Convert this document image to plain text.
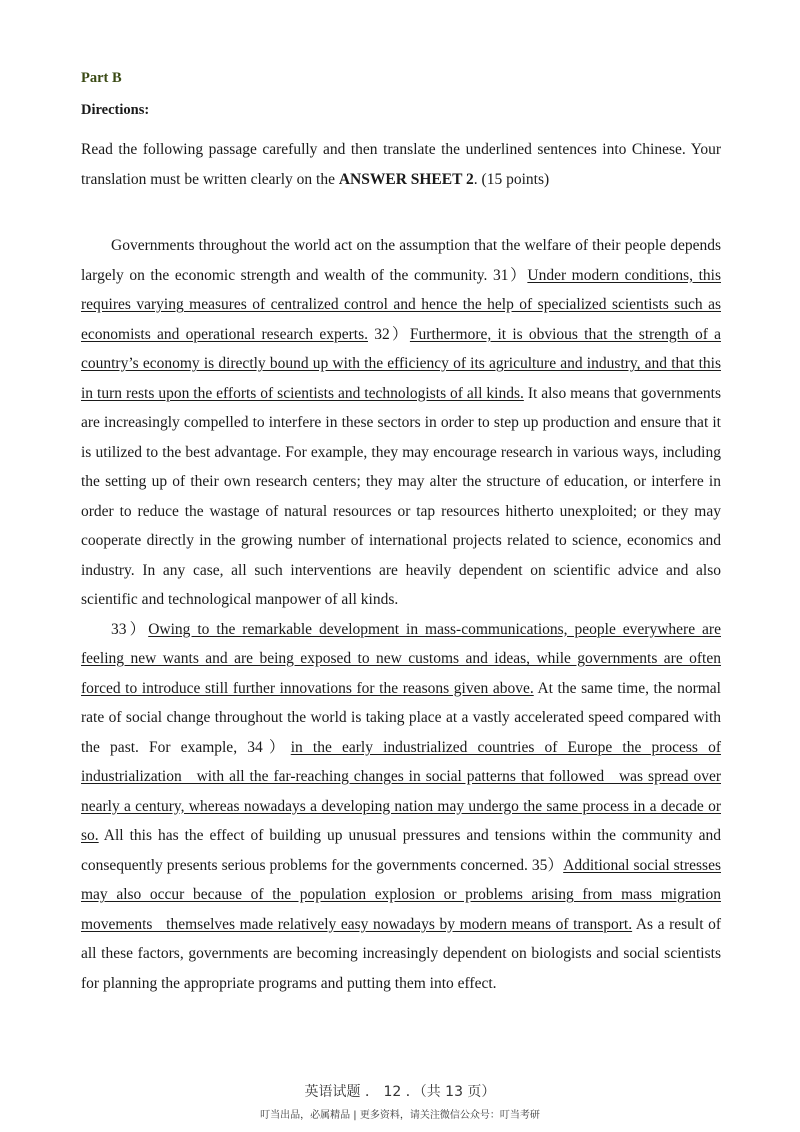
Part B
Directions:
Read the following passage carefully and then translate the underlined sentences into Chinese. Your translation must be written clearly on the ANSWER SHEET 2. (15 points)

Governments throughout the world act on the assumption that the welfare of their people depends largely on the economic strength and wealth of the community. 31）Under modern conditions, this requires varying measures of centralized control and hence the help of specialized scientists such as economists and operational research experts. 32）Furthermore, it is obvious that the strength of a country’s economy is directly bound up with the efficiency of its agriculture and industry, and that this in turn rests upon the efforts of scientists and technologists of all kinds. It also means that governments are increasingly compelled to interfere in these sectors in order to step up production and ensure that it is utilized to the best advantage. For example, they may encourage research in various ways, including the setting up of their own research centers; they may alter the structure of education, or interfere in order to reduce the wastage of natural resources or tap resources hitherto unexploited; or they may cooperate directly in the growing number of international projects related to science, economics and industry. In any case, all such interventions are heavily dependent on scientific advice and also scientific and technological manpower of all kinds.

33）Owing to the remarkable development in mass-communications, people everywhere are feeling new wants and are being exposed to new customs and ideas, while governments are often forced to introduce still further innovations for the reasons given above. At the same time, the normal rate of social change throughout the world is taking place at a vastly accelerated speed compared with the past. For example, 34）in the early industrialized countries of Europe the process of industrialization   with all the far-reaching changes in social patterns that followed   was spread over nearly a century, whereas nowadays a developing nation may undergo the same process in a decade or so. All this has the effect of building up unusual pressures and tensions within the community and consequently presents serious problems for the governments concerned. 35）Additional social stresses may also occur because of the population explosion or problems arising from mass migration movements   themselves made relatively easy nowadays by modern means of transport. As a result of all these factors, governments are becoming increasingly dependent on biologists and social scientists for planning the appropriate programs and putting them into effect.

英语试题 ． 12 ．（共 13 页）
叮当出品，必属精品 | 更多资料，请关注微信公众号：叮当考研
